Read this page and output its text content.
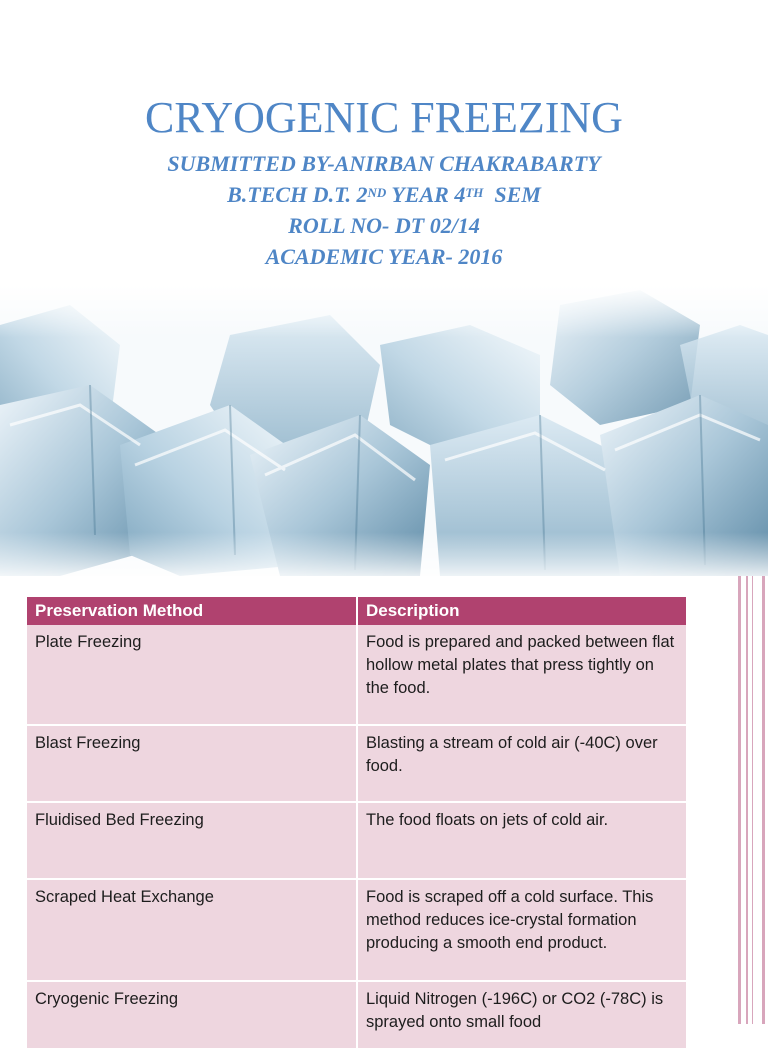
CRYOGENIC FREEZING

SUBMITTED BY-ANIRBAN CHAKRABARTY

B.TECH D.T. 2ND YEAR 4TH  SEM

ROLL NO- DT 02/14

ACADEMIC YEAR- 2016

Preservation Method	Description
Plate Freezing	Food is prepared and packed between flat hollow metal plates that press tightly on the food.
Blast Freezing	Blasting a stream of cold air (-40C) over food.
Fluidised Bed Freezing	The food floats on jets of cold air.
Scraped Heat Exchange	Food is scraped off a cold surface. This method reduces ice-crystal formation producing a smooth end product.
Cryogenic Freezing	Liquid Nitrogen (-196C) or CO2 (-78C) is sprayed onto small food
